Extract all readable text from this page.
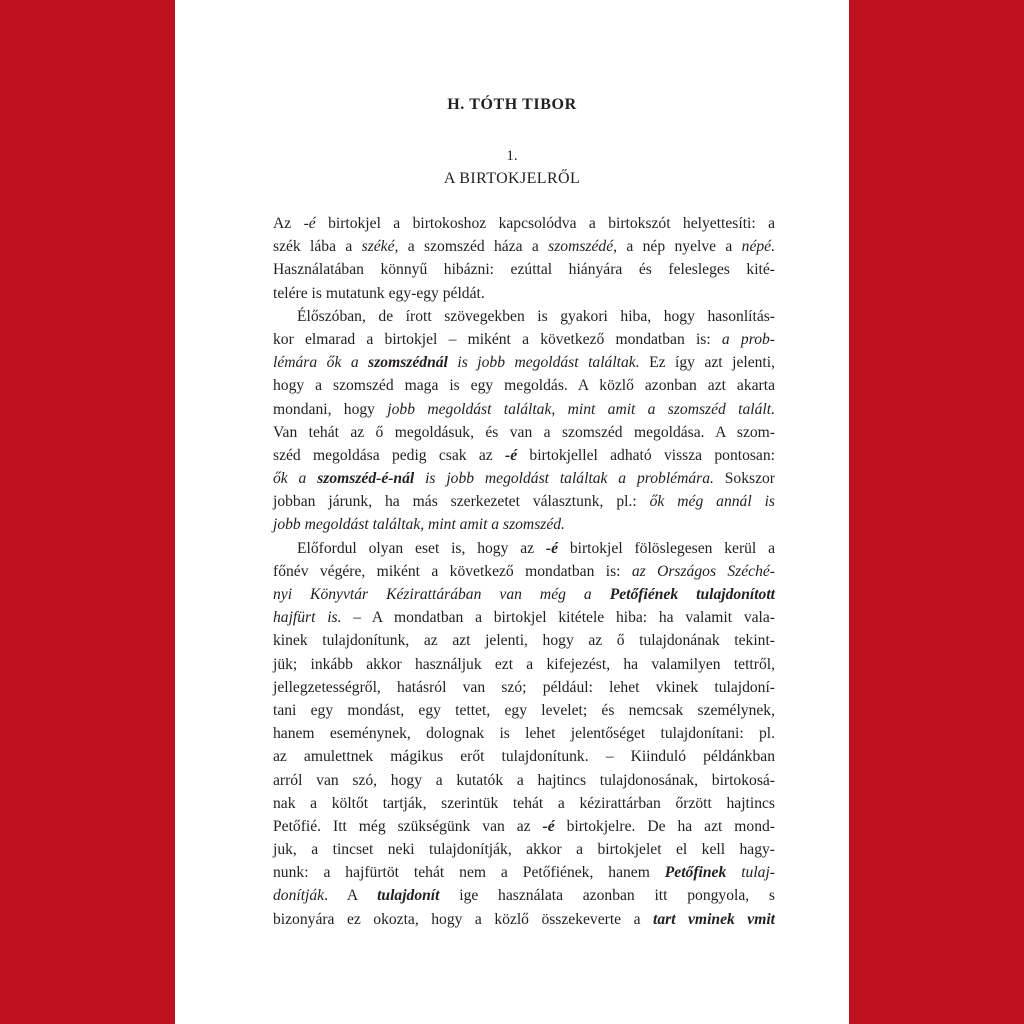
H. TÓTH TIBOR
1.
A BIRTOKJELRŐL
Az -é birtokjel a birtokoshoz kapcsolódva a birtokszót helyettesíti: a
szék lába a széké, a szomszéd háza a szomszédé, a nép nyelve a népé.
Használatában könnyű hibázni: ezúttal hiányára és felesleges kité-
telére is mutatunk egy-egy példát.
Élőszóban, de írott szövegekben is gyakori hiba, hogy hasonlítás-
kor elmarad a birtokjel – miként a következő mondatban is: a prob-
lémára ők a szomszédnál is jobb megoldást találtak. Ez így azt jelenti,
hogy a szomszéd maga is egy megoldás. A közlő azonban azt akarta
mondani, hogy jobb megoldást találtak, mint amit a szomszéd talált.
Van tehát az ő megoldásuk, és van a szomszéd megoldása. A szom-
széd megoldása pedig csak az -é birtokjellel adható vissza pontosan:
ők a szomszéd-é-nál is jobb megoldást találtak a problémára. Sokszor
jobban járunk, ha más szerkezetet választunk, pl.: ők még annál is
jobb megoldást találtak, mint amit a szomszéd.
Előfordul olyan eset is, hogy az -é birtokjel fölöslegesen kerül a
főnév végére, miként a következő mondatban is: az Országos Széché-
nyi Könyvtár Kézirattárában van még a Petőfiének tulajdonított
hajfürt is. – A mondatban a birtokjel kitétele hiba: ha valamit vala-
kinek tulajdonítunk, az azt jelenti, hogy az ő tulajdonának tekint-
jük; inkább akkor használjuk ezt a kifejezést, ha valamilyen tettről,
jellegzetességről, hatásról van szó; például: lehet vkinek tulajdoní-
tani egy mondást, egy tettet, egy levelet; és nemcsak személynek,
hanem eseménynek, dolognak is lehet jelentőséget tulajdonítani: pl.
az amulettnek mágikus erőt tulajdonítunk. – Kiinduló példánkban
arról van szó, hogy a kutatók a hajtincs tulajdonosának, birtokosá-
nak a költőt tartják, szerintük tehát a kézirattárban őrzött hajtincs
Petőfié. Itt még szükségünk van az -é birtokjelre. De ha azt mond-
juk, a tincset neki tulajdonítják, akkor a birtokjelet el kell hagy-
nunk: a hajfürtöt tehát nem a Petőfiének, hanem Petőfinek tulaj-
donítják. A tulajdonít ige használata azonban itt pongyola, s
bizonyára ez okozta, hogy a közlő összekeverte a tart vminek vmit
